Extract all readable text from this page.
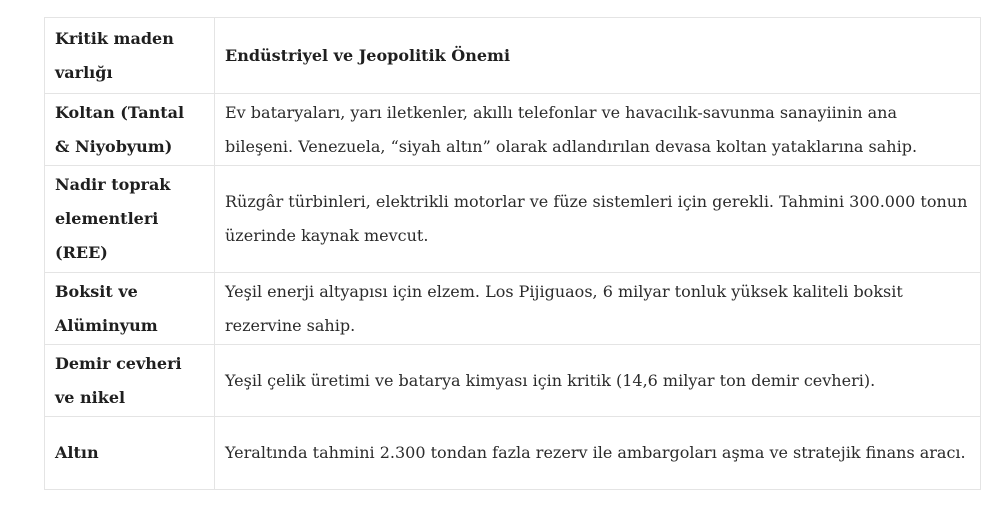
Kritik maden varlığı	Endüstriyel ve Jeopolitik Önemi
Koltan (Tantal & Niyobyum)	Ev bataryaları, yarı iletkenler, akıllı telefonlar ve havacılık-savunma sanayiinin ana bileşeni. Venezuela, “siyah altın” olarak adlandırılan devasa koltan yataklarına sahip.
Nadir toprak elementleri (REE)	Rüzgâr türbinleri, elektrikli motorlar ve füze sistemleri için gerekli. Tahmini 300.000 tonun üzerinde kaynak mevcut.
Boksit ve Alüminyum	Yeşil enerji altyapısı için elzem. Los Pijiguaos, 6 milyar tonluk yüksek kaliteli boksit rezervine sahip.
Demir cevheri ve nikel	Yeşil çelik üretimi ve batarya kimyası için kritik (14,6 milyar ton demir cevheri).
Altın	Yeraltında tahmini 2.300 tondan fazla rezerv ile ambargoları aşma ve stratejik finans aracı.
